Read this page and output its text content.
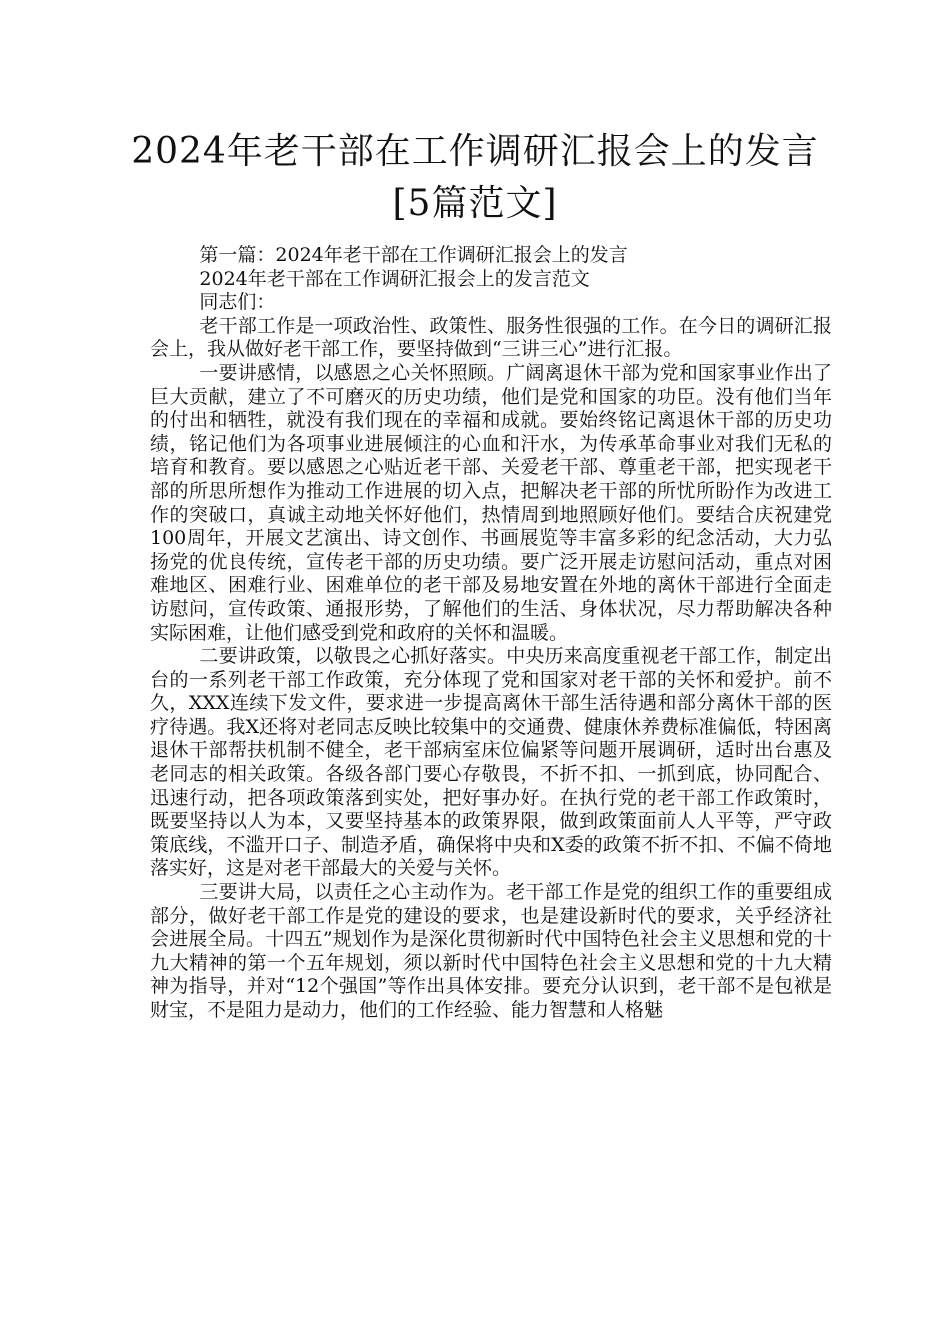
2024年老干部在工作调研汇报会上的发言
[5篇范文]

第一篇：2024年老干部在工作调研汇报会上的发言

2024年老干部在工作调研汇报会上的发言范文

同志们：

老干部工作是一项政治性、政策性、服务性很强的工作。在今日的调研汇报会上，我从做好老干部工作，要坚持做到“三讲三心”进行汇报。

一要讲感情，以感恩之心关怀照顾。广阔离退休干部为党和国家事业作出了巨大贡献，建立了不可磨灭的历史功绩，他们是党和国家的功臣。没有他们当年的付出和牺牲，就没有我们现在的幸福和成就。要始终铭记离退休干部的历史功绩，铭记他们为各项事业进展倾注的心血和汗水，为传承革命事业对我们无私的培育和教育。要以感恩之心贴近老干部、关爱老干部、尊重老干部，把实现老干部的所思所想作为推动工作进展的切入点，把解决老干部的所忧所盼作为改进工作的突破口，真诚主动地关怀好他们，热情周到地照顾好他们。要结合庆祝建党100周年，开展文艺演出、诗文创作、书画展览等丰富多彩的纪念活动，大力弘扬党的优良传统，宣传老干部的历史功绩。要广泛开展走访慰问活动，重点对困难地区、困难行业、困难单位的老干部及易地安置在外地的离休干部进行全面走访慰问，宣传政策、通报形势，了解他们的生活、身体状况，尽力帮助解决各种实际困难，让他们感受到党和政府的关怀和温暖。

二要讲政策，以敬畏之心抓好落实。中央历来高度重视老干部工作，制定出台的一系列老干部工作政策，充分体现了党和国家对老干部的关怀和爱护。前不久，XXX连续下发文件，要求进一步提高离休干部生活待遇和部分离休干部的医疗待遇。我X还将对老同志反映比较集中的交通费、健康休养费标准偏低，特困离退休干部帮扶机制不健全，老干部病室床位偏紧等问题开展调研，适时出台惠及老同志的相关政策。各级各部门要心存敬畏，不折不扣、一抓到底，协同配合、迅速行动，把各项政策落到实处，把好事办好。在执行党的老干部工作政策时，既要坚持以人为本，又要坚持基本的政策界限，做到政策面前人人平等，严守政策底线，不滥开口子、制造矛盾，确保将中央和X委的政策不折不扣、不偏不倚地落实好，这是对老干部最大的关爱与关怀。

三要讲大局，以责任之心主动作为。老干部工作是党的组织工作的重要组成部分，做好老干部工作是党的建设的要求，也是建设新时代的要求，关乎经济社会进展全局。十四五”规划作为是深化贯彻新时代中国特色社会主义思想和党的十九大精神的第一个五年规划，须以新时代中国特色社会主义思想和党的十九大精神为指导，并对“12个强国”等作出具体安排。要充分认识到，老干部不是包袱是财宝，不是阻力是动力，他们的工作经验、能力智慧和人格魅
